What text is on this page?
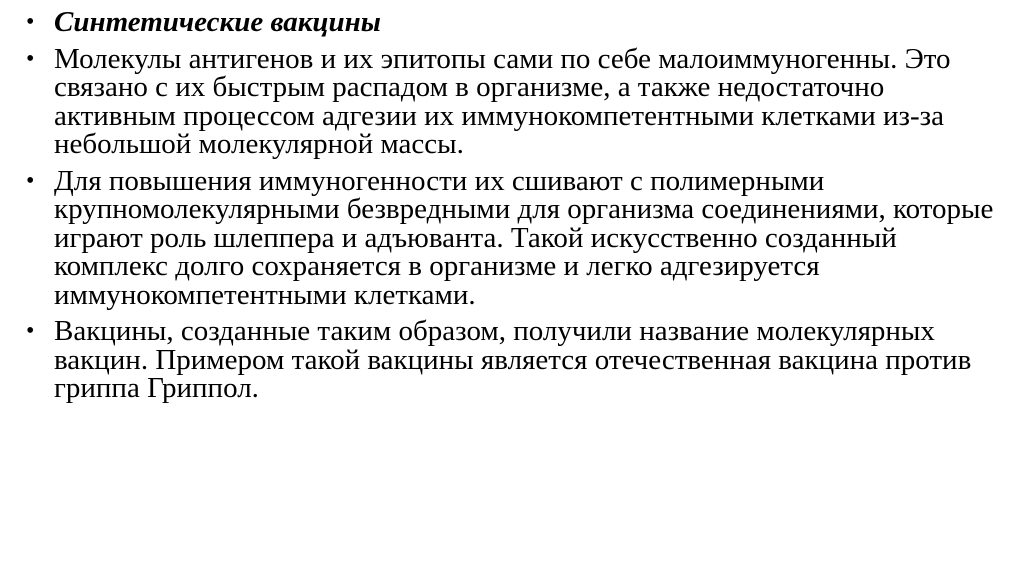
• Синтетические вакцины
• Молекулы антигенов и их эпитопы сами по себе малоиммуногенны. Это связано с их быстрым распадом в организме, а также недостаточно активным процессом адгезии их иммунокомпетентными клетками из-за небольшой молекулярной массы.
• Для повышения иммуногенности их сшивают с полимерными крупномолекулярными безвредными для организма соединениями, которые играют роль шлеппера и адъюванта. Такой искусственно созданный комплекс долго сохраняется в организме и легко адгезируется иммунокомпетентными клетками.
• Вакцины, созданные таким образом, получили название молекулярных вакцин. Примером такой вакцины является отечественная вакцина против гриппа Гриппол.
